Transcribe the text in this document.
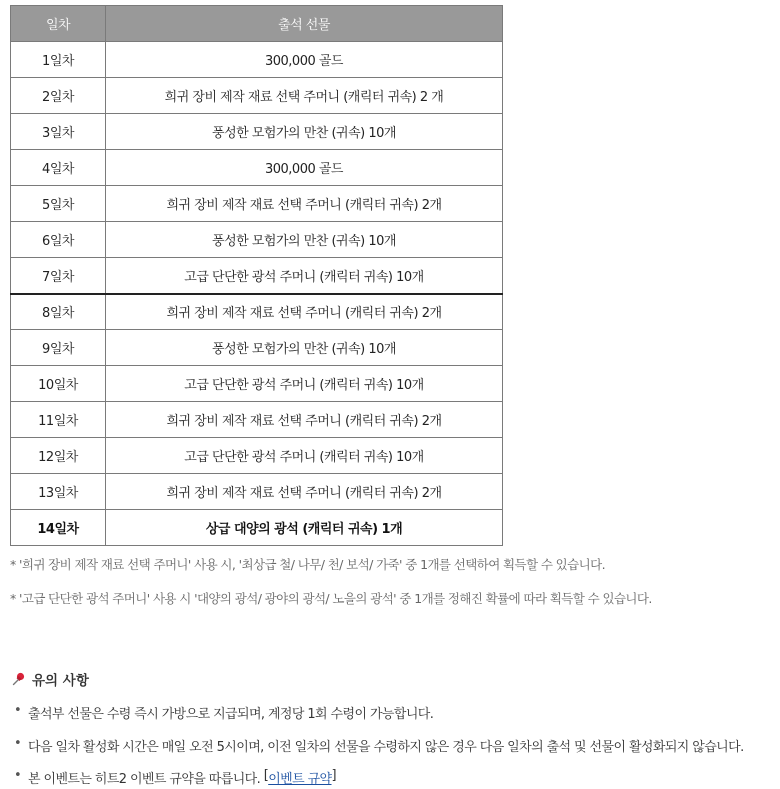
일차	출석 선물
1일차	300,000 골드
2일차	희귀 장비 제작 재료 선택 주머니 (캐릭터 귀속) 2 개
3일차	풍성한 모험가의 만찬 (귀속) 10개
4일차	300,000 골드
5일차	희귀 장비 제작 재료 선택 주머니 (캐릭터 귀속) 2개
6일차	풍성한 모험가의 만찬 (귀속) 10개
7일차	고급 단단한 광석 주머니 (캐릭터 귀속) 10개
8일차	희귀 장비 제작 재료 선택 주머니 (캐릭터 귀속) 2개
9일차	풍성한 모험가의 만찬 (귀속) 10개
10일차	고급 단단한 광석 주머니 (캐릭터 귀속) 10개
11일차	희귀 장비 제작 재료 선택 주머니 (캐릭터 귀속) 2개
12일차	고급 단단한 광석 주머니 (캐릭터 귀속) 10개
13일차	희귀 장비 제작 재료 선택 주머니 (캐릭터 귀속) 2개
14일차	상급 대양의 광석 (캐릭터 귀속) 1개
* '희귀 장비 제작 재료 선택 주머니' 사용 시, '최상급 철/ 나무/ 천/ 보석/ 가죽' 중 1개를 선택하여 획득할 수 있습니다.
* '고급 단단한 광석 주머니' 사용 시 '대양의 광석/ 광야의 광석/ 노을의 광석' 중 1개를 정해진 확률에 따라 획득할 수 있습니다.
유의 사항
• 출석부 선물은 수령 즉시 가방으로 지급되며, 계정당 1회 수령이 가능합니다.
• 다음 일차 활성화 시간은 매일 오전 5시이며, 이전 일차의 선물을 수령하지 않은 경우 다음 일차의 출석 및 선물이 활성화되지 않습니다.
• 본 이벤트는 히트2 이벤트 규약을 따릅니다.
[ 이벤트 규약 ]
